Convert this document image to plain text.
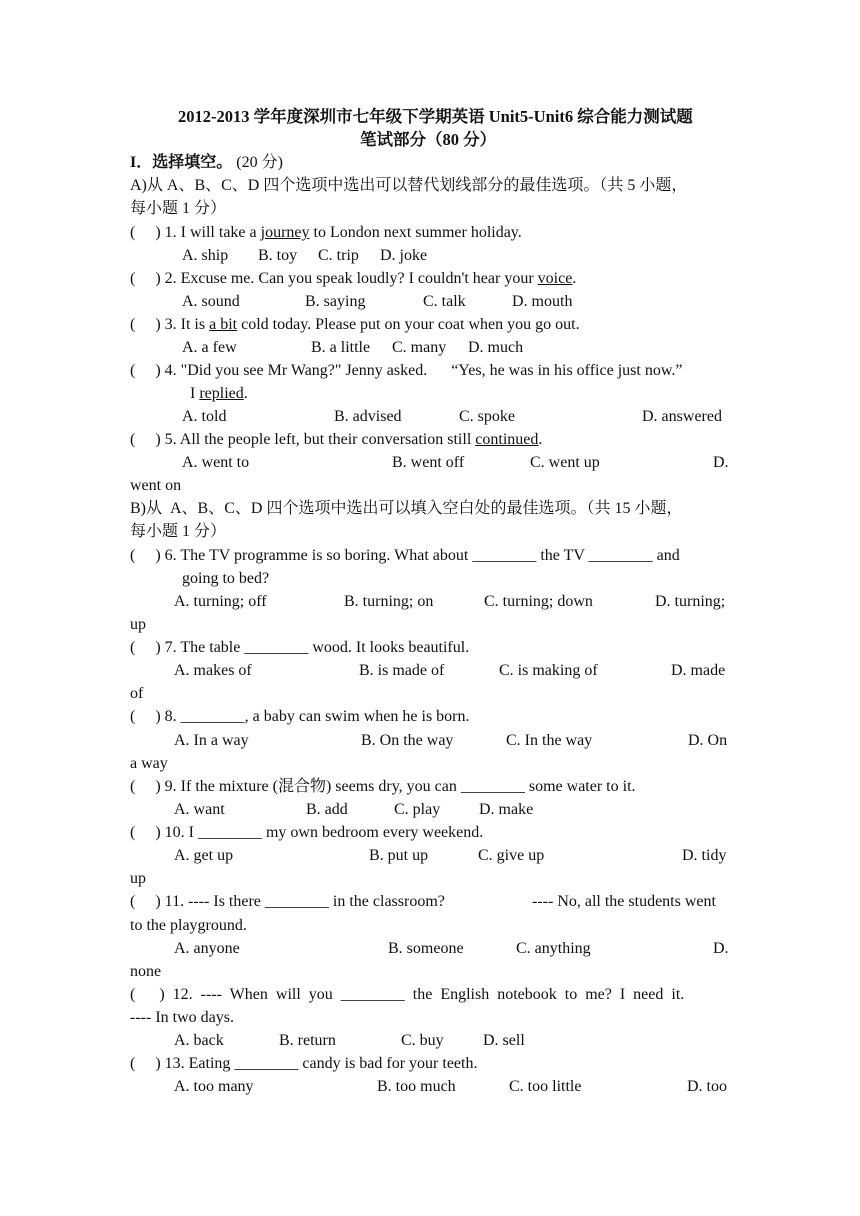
2012-2013 学年度深圳市七年级下学期英语 Unit5-Unit6 综合能力测试题
笔试部分（80 分）
I．选择填空。 (20 分)
A)从 A、B、C、D 四个选项中选出可以替代划线部分的最佳选项。（共 5 小题，
每小题 1 分）
(     ) 1. I will take a journey to London next summer holiday.
A. ship B. toy C. trip D. joke
(     ) 2. Excuse me. Can you speak loudly? I couldn't hear your voice.
A. sound	B. saying	C. talk	D. mouth
(     ) 3. It is a bit cold today. Please put on your coat when you go out.
A. a few	B. a little C. many D. much
(     ) 4. "Did you see Mr Wang?" Jenny asked.      “Yes, he was in his office just now.”
I replied.
A. told	B. advised	C. spoke	D. answered
(     ) 5. All the people left, but their conversation still continued.
A. went to	B. went off	C. went up	D.
went on
B)从  A、B、C、D 四个选项中选出可以填入空白处的最佳选项。（共 15 小题，
每小题 1 分）
(     ) 6. The TV programme is so boring. What about ________ the TV ________ and
going to bed?
A. turning; off	B. turning; on	C. turning; down	D. turning;
up
(     ) 7. The table ________ wood. It looks beautiful.
A. makes of	B. is made of	C. is making of	D. made
of
(     ) 8. ________, a baby can swim when he is born.
A. In a way	B. On the way	C. In the way	D. On
a way
(     ) 9. If the mixture (混合物) seems dry, you can ________ some water to it.
A. want	B. add	C. play D. make
(     ) 10. I ________ my own bedroom every weekend.
A. get up	B. put up	C. give up	D. tidy
up
(     ) 11. ---- Is there ________ in the classroom?	---- No, all the students went
to the playground.
A. anyone	B. someone	C. anything	D.
none
(      )  12.  ----  When  will  you  ________  the  English  notebook  to  me?  I  need  it.
---- In two days.
A. back	B. return	C. buy D. sell
(     ) 13. Eating ________ candy is bad for your teeth.
A. too many	B. too much	C. too little	D. too
